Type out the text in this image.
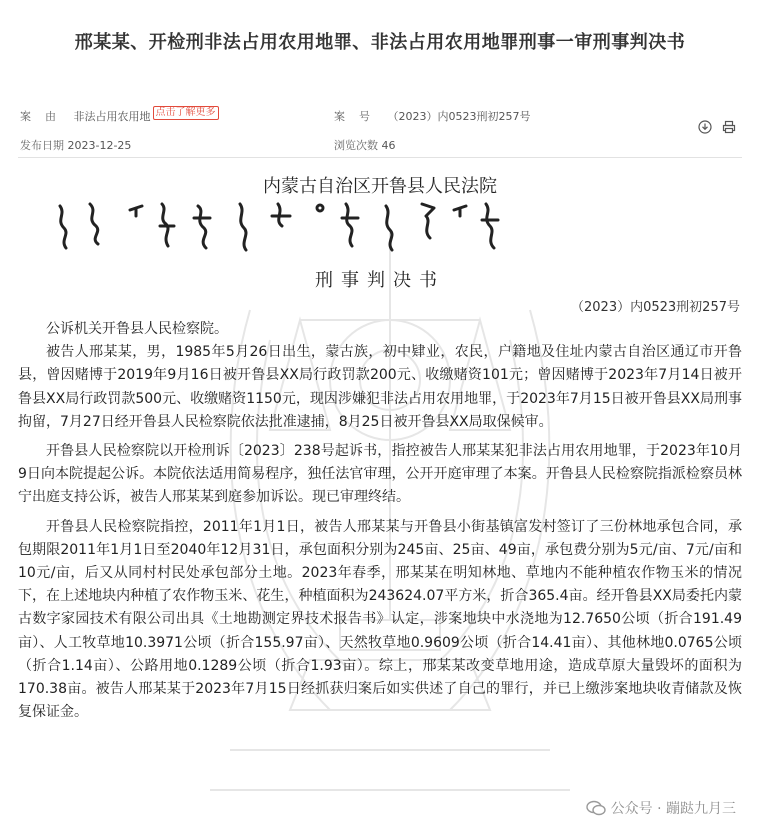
邢某某、开检刑非法占用农用地罪、非法占用农用地罪刑事一审刑事判决书
案由 非法占用农用地 点击了解更多	案号 （2023）内0523刑初257号
发布日期 2023-12-25	浏览次数 46

内蒙古自治区开鲁县人民法院
刑事判决书
（2023）内0523刑初257号

公诉机关开鲁县人民检察院。

被告人邢某某，男，1985年5月26日出生，蒙古族，初中肄业，农民，户籍地及住址内蒙古自治区通辽市开鲁县，曾因赌博于2019年9月16日被开鲁县XX局行政罚款200元、收缴赌资101元；曾因赌博于2023年7月14日被开鲁县XX局行政罚款500元、收缴赌资1150元，现因涉嫌犯非法占用农用地罪，于2023年7月15日被开鲁县XX局刑事拘留，7月27日经开鲁县人民检察院依法批准逮捕，8月25日被开鲁县XX局取保候审。

开鲁县人民检察院以开检刑诉〔2023〕238号起诉书，指控被告人邢某某犯非法占用农用地罪，于2023年10月9日向本院提起公诉。本院依法适用简易程序，独任法官审理，公开开庭审理了本案。开鲁县人民检察院指派检察员林宁出庭支持公诉，被告人邢某某到庭参加诉讼。现已审理终结。

开鲁县人民检察院指控，2011年1月1日，被告人邢某某与开鲁县小街基镇富发村签订了三份林地承包合同，承包期限2011年1月1日至2040年12月31日，承包面积分别为245亩、25亩、49亩，承包费分别为5元/亩、7元/亩和10元/亩，后又从同村村民处承包部分土地。2023年春季，邢某某在明知林地、草地内不能种植农作物玉米的情况下，在上述地块内种植了农作物玉米、花生，种植面积为243624.07平方米，折合365.4亩。经开鲁县XX局委托内蒙古数字家园技术有限公司出具《土地勘测定界技术报告书》认定，涉案地块中水浇地为12.7650公顷（折合191.49亩）、人工牧草地10.3971公顷（折合155.97亩）、天然牧草地0.9609公顷（折合14.41亩）、其他林地0.0765公顷（折合1.14亩）、公路用地0.1289公顷（折合1.93亩）。综上，邢某某改变草地用途，造成草原大量毁坏的面积为170.38亩。被告人邢某某于2023年7月15日经抓获归案后如实供述了自己的罪行，并已上缴涉案地块收青储款及恢复保证金。

公众号 · 蹦跶九月三
